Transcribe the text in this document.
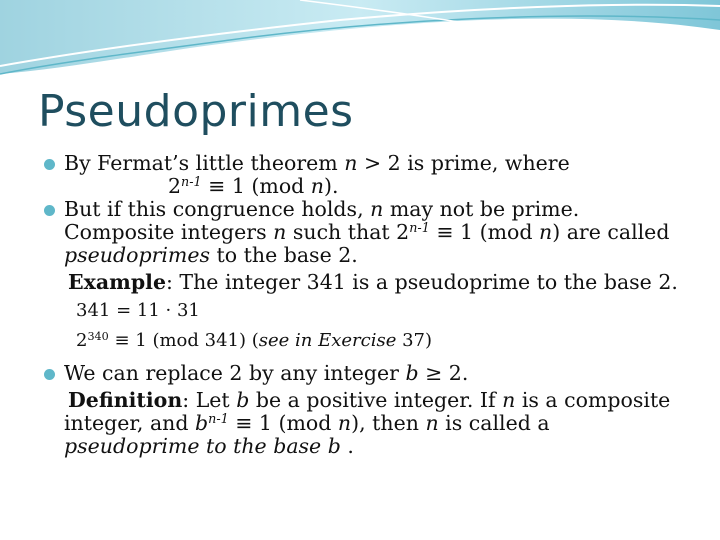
Pseudoprimes
By Fermat’s little theorem n > 2 is prime, where
$2^{n-1} \equiv 1$ (mod n).
But if this congruence holds, n may not be prime.
Composite integers n such that $2^{n-1} \equiv 1$ (mod n) are called
pseudoprimes to the base 2.
Example: The integer 341 is a pseudoprime to the base 2.
341 = 11 · 31
$2^{340} \equiv 1$ (mod 341) (see in Exercise 37)
We can replace 2 by any integer b ≥ 2.
Definition: Let b be a positive integer. If n is a composite
integer, and $b^{n-1} \equiv 1$ (mod n), then n is called a
pseudoprime to the base b .
